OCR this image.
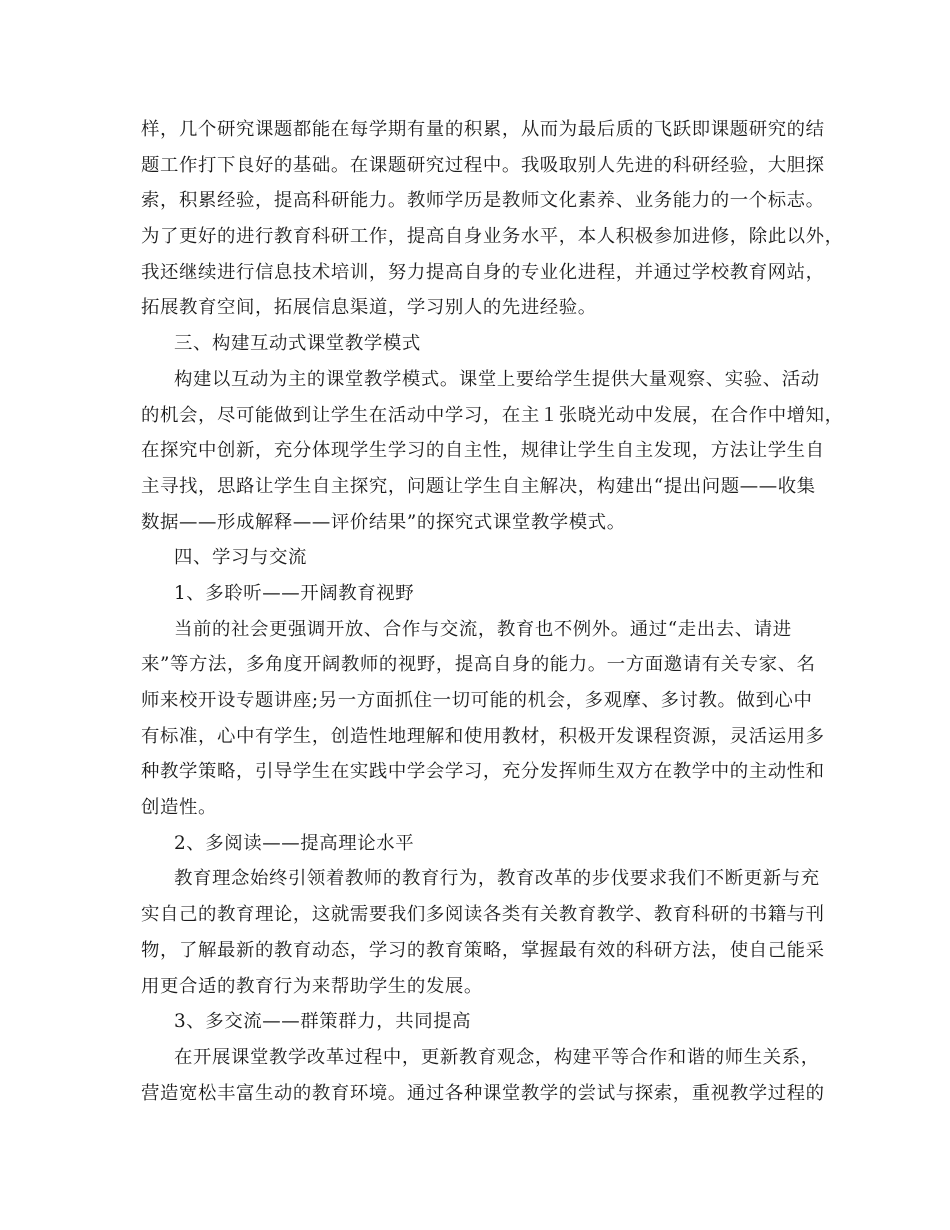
样，几个研究课题都能在每学期有量的积累，从而为最后质的飞跃即课题研究的结
题工作打下良好的基础。在课题研究过程中。我吸取别人先进的科研经验，大胆探
索，积累经验，提高科研能力。教师学历是教师文化素养、业务能力的一个标志。
为了更好的进行教育科研工作，提高自身业务水平，本人积极参加进修，除此以外，
我还继续进行信息技术培训，努力提高自身的专业化进程，并通过学校教育网站，
拓展教育空间，拓展信息渠道，学习别人的先进经验。
三、构建互动式课堂教学模式
构建以互动为主的课堂教学模式。课堂上要给学生提供大量观察、实验、活动
的机会，尽可能做到让学生在活动中学习，在主１张晓光动中发展，在合作中增知，
在探究中创新，充分体现学生学习的自主性，规律让学生自主发现，方法让学生自
主寻找，思路让学生自主探究，问题让学生自主解决，构建出“提出问题——收集
数据——形成解释——评价结果”的探究式课堂教学模式。
四、学习与交流
1、多聆听——开阔教育视野
当前的社会更强调开放、合作与交流，教育也不例外。通过“走出去、请进
来”等方法，多角度开阔教师的视野，提高自身的能力。一方面邀请有关专家、名
师来校开设专题讲座;另一方面抓住一切可能的机会，多观摩、多讨教。做到心中
有标准，心中有学生，创造性地理解和使用教材，积极开发课程资源，灵活运用多
种教学策略，引导学生在实践中学会学习，充分发挥师生双方在教学中的主动性和
创造性。
2、多阅读——提高理论水平
教育理念始终引领着教师的教育行为，教育改革的步伐要求我们不断更新与充
实自己的教育理论，这就需要我们多阅读各类有关教育教学、教育科研的书籍与刊
物，了解最新的教育动态，学习的教育策略，掌握最有效的科研方法，使自己能采
用更合适的教育行为来帮助学生的发展。
3、多交流——群策群力，共同提高
在开展课堂教学改革过程中，更新教育观念，构建平等合作和谐的师生关系，
营造宽松丰富生动的教育环境。通过各种课堂教学的尝试与探索，重视教学过程的
